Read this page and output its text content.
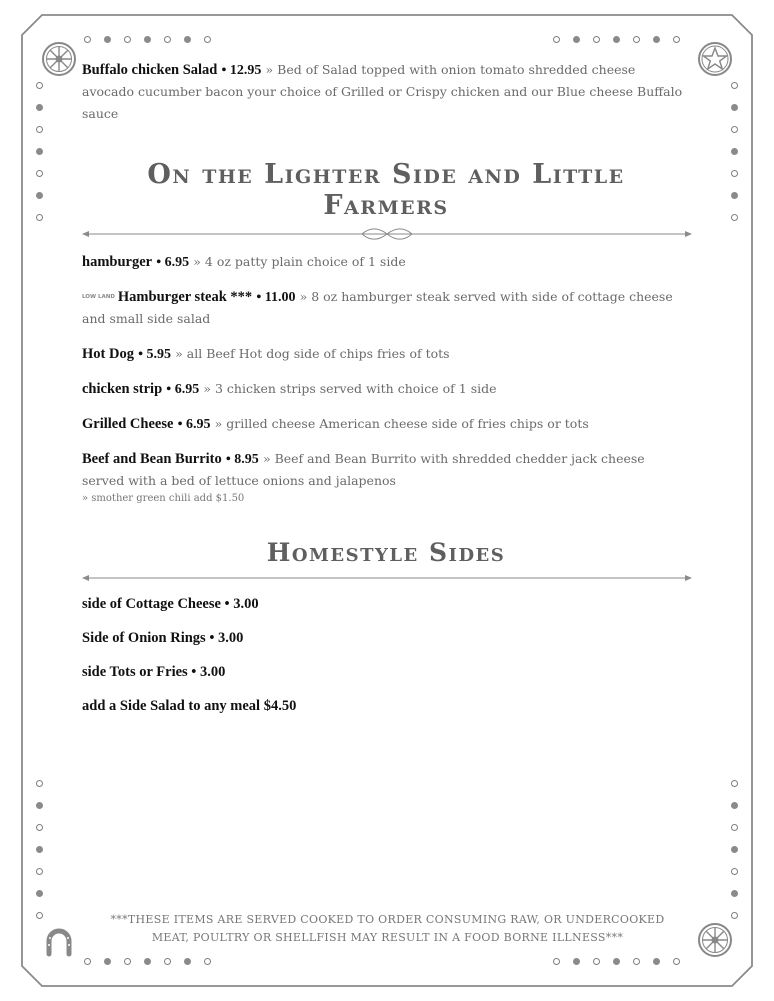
Buffalo chicken Salad • 12.95 » Bed of Salad topped with onion tomato shredded cheese avocado cucumber bacon your choice of Grilled or Crispy chicken and our Blue cheese Buffalo sauce

On the Lighter Side and Little Farmers

hamburger • 6.95 » 4 oz patty plain choice of 1 side

LOW LAND Hamburger steak *** • 11.00 » 8 oz hamburger steak served with side of cottage cheese and small side salad

Hot Dog • 5.95 » all Beef Hot dog side of chips fries of tots

chicken strip • 6.95 » 3 chicken strips served with choice of 1 side

Grilled Cheese • 6.95 » grilled cheese American cheese side of fries chips or tots

Beef and Bean Burrito • 8.95 » Beef and Bean Burrito with shredded chedder jack cheese served with a bed of lettuce onions and jalapenos

» smother green chili add $1.50

Homestyle Sides

side of Cottage Cheese • 3.00

Side of Onion Rings • 3.00

side Tots or Fries • 3.00

add a Side Salad to any meal $4.50

***THESE ITEMS ARE SERVED COOKED TO ORDER CONSUMING RAW, OR UNDERCOOKED
MEAT, POULTRY OR SHELLFISH MAY RESULT IN A FOOD BORNE ILLNESS***
